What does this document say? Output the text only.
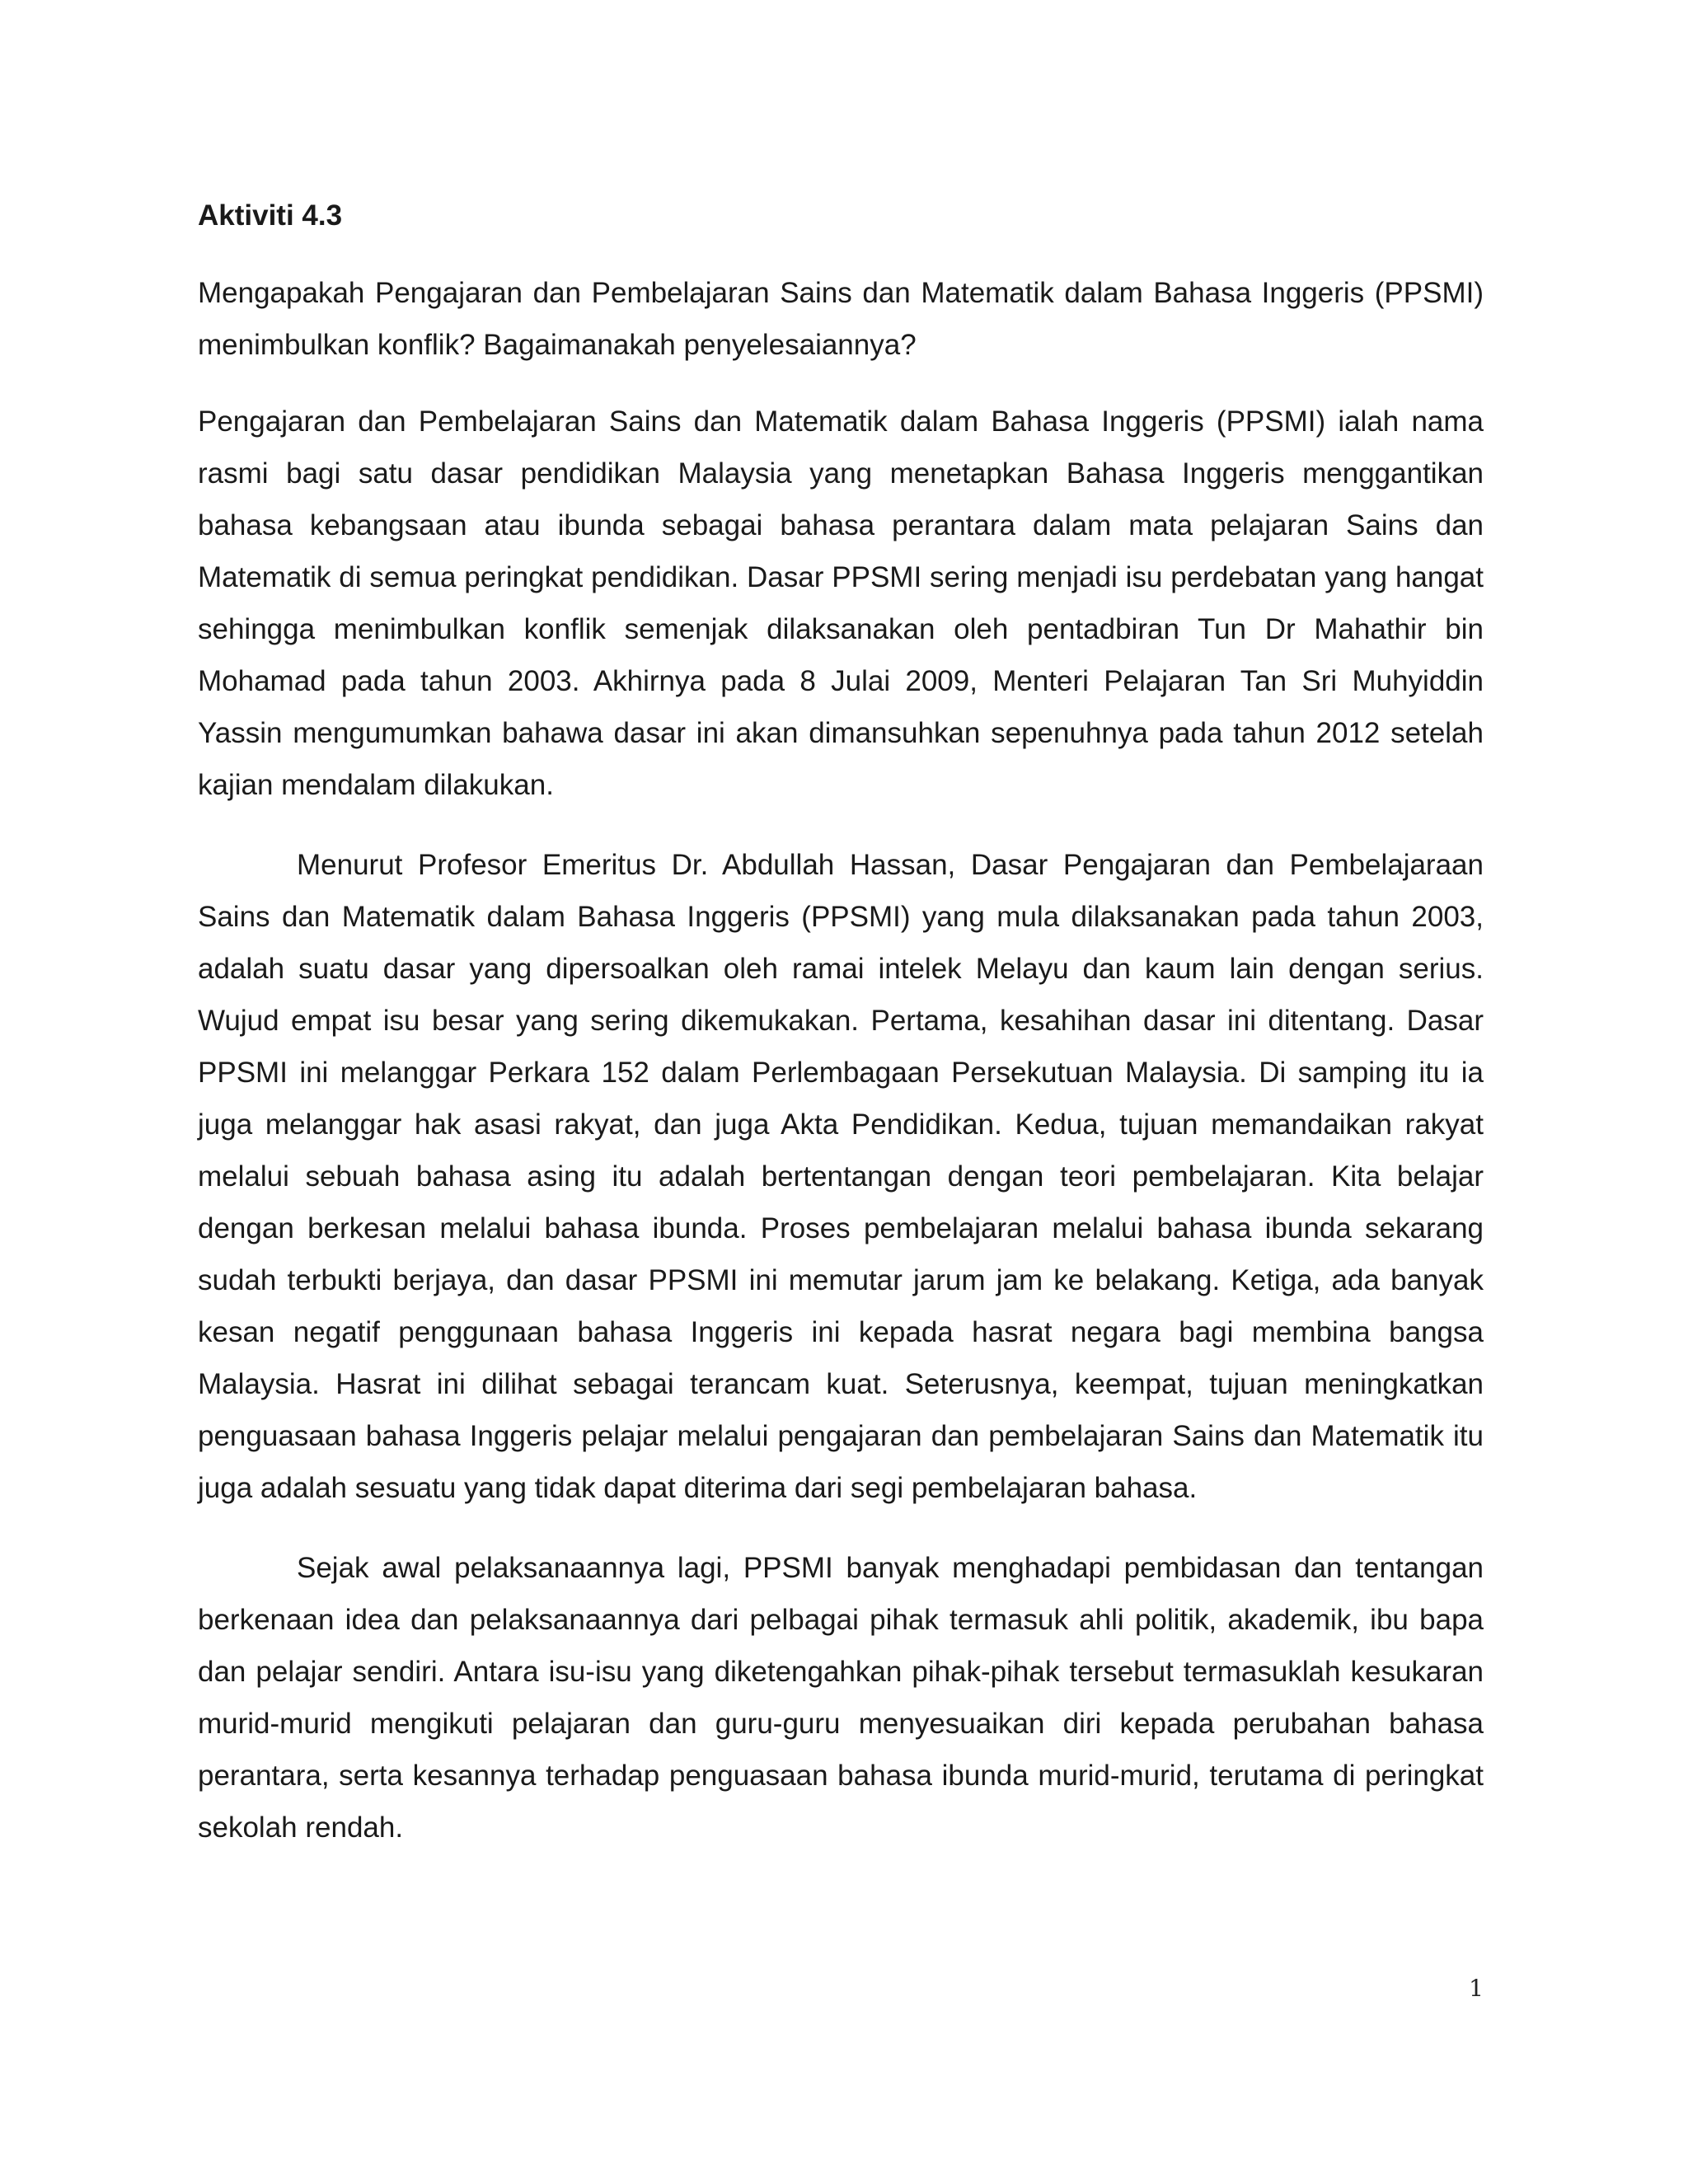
Aktiviti 4.3

Mengapakah Pengajaran dan Pembelajaran Sains dan Matematik dalam Bahasa Inggeris (PPSMI) menimbulkan konflik? Bagaimanakah penyelesaiannya?

Pengajaran dan Pembelajaran Sains dan Matematik dalam Bahasa Inggeris (PPSMI) ialah nama rasmi bagi satu dasar pendidikan Malaysia yang menetapkan Bahasa Inggeris menggantikan bahasa kebangsaan atau ibunda sebagai bahasa perantara dalam mata pelajaran Sains dan Matematik di semua peringkat pendidikan. Dasar PPSMI sering menjadi isu perdebatan yang hangat sehingga menimbulkan konflik semenjak dilaksanakan oleh pentadbiran Tun Dr Mahathir bin Mohamad pada tahun 2003. Akhirnya pada 8 Julai 2009, Menteri Pelajaran Tan Sri Muhyiddin Yassin mengumumkan bahawa dasar ini akan dimansuhkan sepenuhnya pada tahun 2012 setelah kajian mendalam dilakukan.

Menurut Profesor Emeritus Dr. Abdullah Hassan, Dasar Pengajaran dan Pembelajaraan Sains dan Matematik dalam Bahasa Inggeris (PPSMI) yang mula dilaksanakan pada tahun 2003, adalah suatu dasar yang dipersoalkan oleh ramai intelek Melayu dan kaum lain dengan serius. Wujud empat isu besar yang sering dikemukakan. Pertama, kesahihan dasar ini ditentang. Dasar PPSMI ini melanggar Perkara 152 dalam Perlembagaan Persekutuan Malaysia. Di samping itu ia juga melanggar hak asasi rakyat, dan juga Akta Pendidikan. Kedua, tujuan memandaikan rakyat melalui sebuah bahasa asing itu adalah bertentangan dengan teori pembelajaran. Kita belajar dengan berkesan melalui bahasa ibunda. Proses pembelajaran melalui bahasa ibunda sekarang sudah terbukti berjaya, dan dasar PPSMI ini memutar jarum jam ke belakang. Ketiga, ada banyak kesan negatif penggunaan bahasa Inggeris ini kepada hasrat negara bagi membina bangsa Malaysia. Hasrat ini dilihat sebagai terancam kuat. Seterusnya, keempat, tujuan meningkatkan penguasaan bahasa Inggeris pelajar melalui pengajaran dan pembelajaran Sains dan Matematik itu juga adalah sesuatu yang tidak dapat diterima dari segi pembelajaran bahasa.

Sejak awal pelaksanaannya lagi, PPSMI banyak menghadapi pembidasan dan tentangan berkenaan idea dan pelaksanaannya dari pelbagai pihak termasuk ahli politik, akademik, ibu bapa dan pelajar sendiri. Antara isu-isu yang diketengahkan pihak-pihak tersebut termasuklah kesukaran murid-murid mengikuti pelajaran dan guru-guru menyesuaikan diri kepada perubahan bahasa perantara, serta kesannya terhadap penguasaan bahasa ibunda murid-murid, terutama di peringkat sekolah rendah.

1
